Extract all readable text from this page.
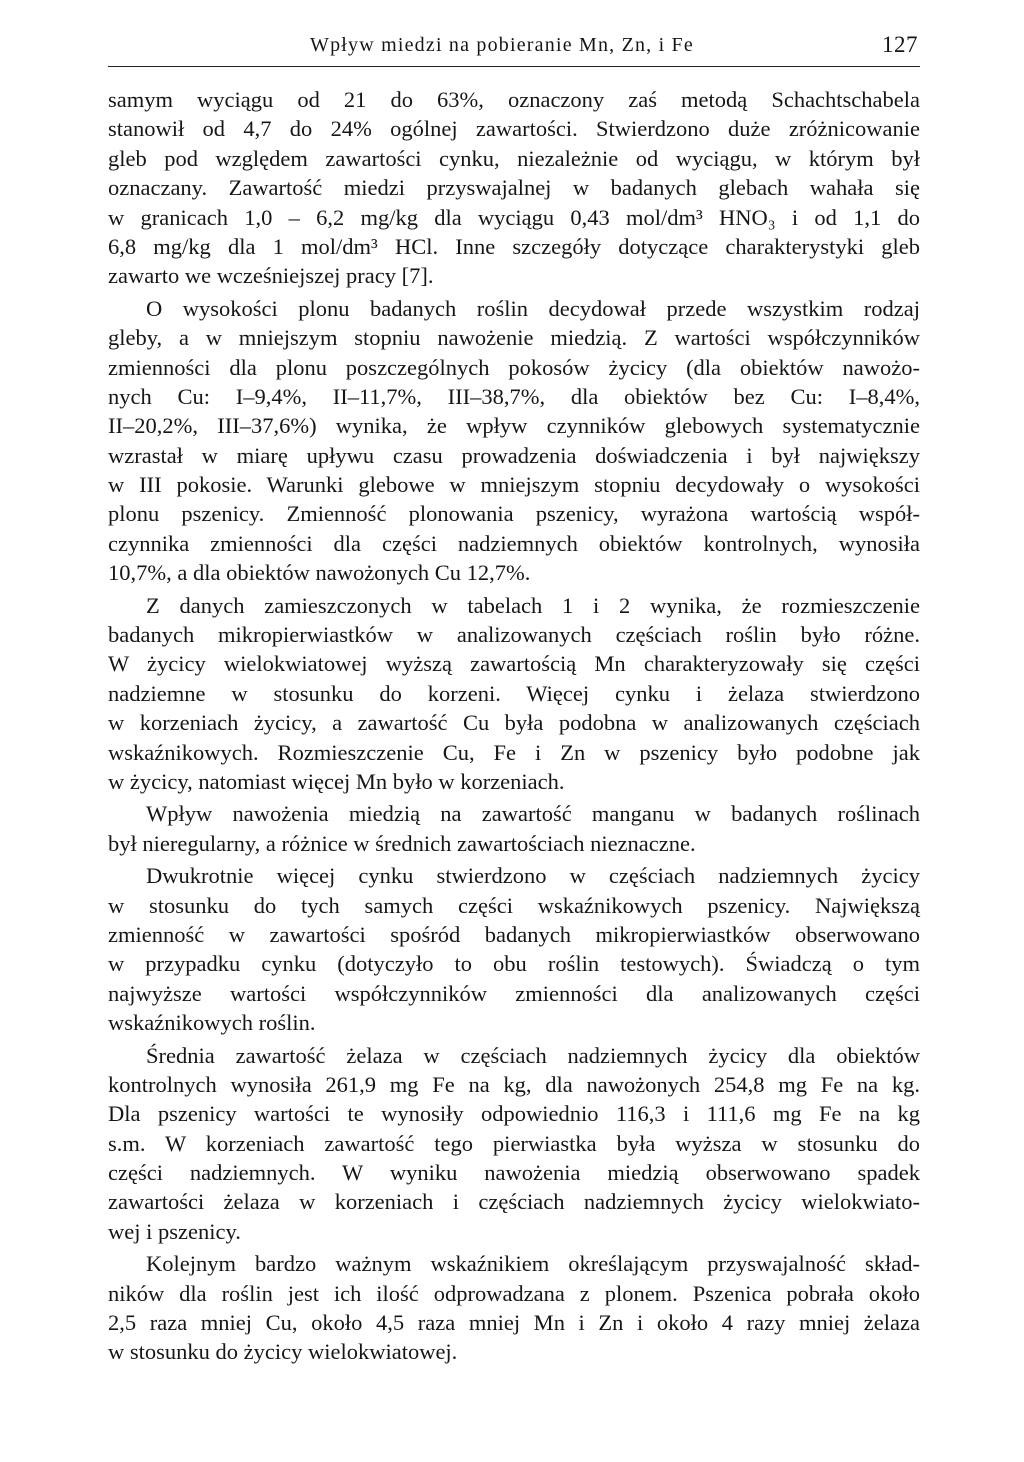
Wpływ miedzi na pobieranie Mn, Zn, i Fe	127
samym wyciągu od 21 do 63%, oznaczony zaś metodą Schachtschabela
stanowił od 4,7 do 24% ogólnej zawartości. Stwierdzono duże zróżnicowanie
gleb pod względem zawartości cynku, niezależnie od wyciągu, w którym był
oznaczany. Zawartość miedzi przyswajalnej w badanych glebach wahała się
w granicach 1,0 – 6,2 mg/kg dla wyciągu 0,43 mol/dm³ HNO₃ i od 1,1 do
6,8 mg/kg dla 1 mol/dm³ HCl. Inne szczegóły dotyczące charakterystyki gleb
zawarto we wcześniejszej pracy [7].
O wysokości plonu badanych roślin decydował przede wszystkim rodzaj
gleby, a w mniejszym stopniu nawożenie miedzią. Z wartości współczynników
zmienności dla plonu poszczególnych pokosów życicy (dla obiektów nawożo-
nych Cu: I–9,4%, II–11,7%, III–38,7%, dla obiektów bez Cu: I–8,4%,
II–20,2%, III–37,6%) wynika, że wpływ czynników glebowych systematycznie
wzrastał w miarę upływu czasu prowadzenia doświadczenia i był największy
w III pokosie. Warunki glebowe w mniejszym stopniu decydowały o wysokości
plonu pszenicy. Zmienność plonowania pszenicy, wyrażona wartością współ-
czynnika zmienności dla części nadziemnych obiektów kontrolnych, wynosiła
10,7%, a dla obiektów nawożonych Cu 12,7%.
Z danych zamieszczonych w tabelach 1 i 2 wynika, że rozmieszczenie
badanych mikropierwiastków w analizowanych częściach roślin było różne.
W życicy wielokwiatowej wyższą zawartością Mn charakteryzowały się części
nadziemne w stosunku do korzeni. Więcej cynku i żelaza stwierdzono
w korzeniach życicy, a zawartość Cu była podobna w analizowanych częściach
wskaźnikowych. Rozmieszczenie Cu, Fe i Zn w pszenicy było podobne jak
w życicy, natomiast więcej Mn było w korzeniach.
Wpływ nawożenia miedzią na zawartość manganu w badanych roślinach
był nieregularny, a różnice w średnich zawartościach nieznaczne.
Dwukrotnie więcej cynku stwierdzono w częściach nadziemnych życicy
w stosunku do tych samych części wskaźnikowych pszenicy. Największą
zmienność w zawartości spośród badanych mikropierwiastków obserwowano
w przypadku cynku (dotyczyło to obu roślin testowych). Świadczą o tym
najwyższe wartości współczynników zmienności dla analizowanych części
wskaźnikowych roślin.
Średnia zawartość żelaza w częściach nadziemnych życicy dla obiektów
kontrolnych wynosiła 261,9 mg Fe na kg, dla nawożonych 254,8 mg Fe na kg.
Dla pszenicy wartości te wynosiły odpowiednio 116,3 i 111,6 mg Fe na kg
s.m. W korzeniach zawartość tego pierwiastka była wyższa w stosunku do
części nadziemnych. W wyniku nawożenia miedzią obserwowano spadek
zawartości żelaza w korzeniach i częściach nadziemnych życicy wielokwiato-
wej i pszenicy.
Kolejnym bardzo ważnym wskaźnikiem określającym przyswajalność skład-
ników dla roślin jest ich ilość odprowadzana z plonem. Pszenica pobrała około
2,5 raza mniej Cu, około 4,5 raza mniej Mn i Zn i około 4 razy mniej żelaza
w stosunku do życicy wielokwiatowej.
